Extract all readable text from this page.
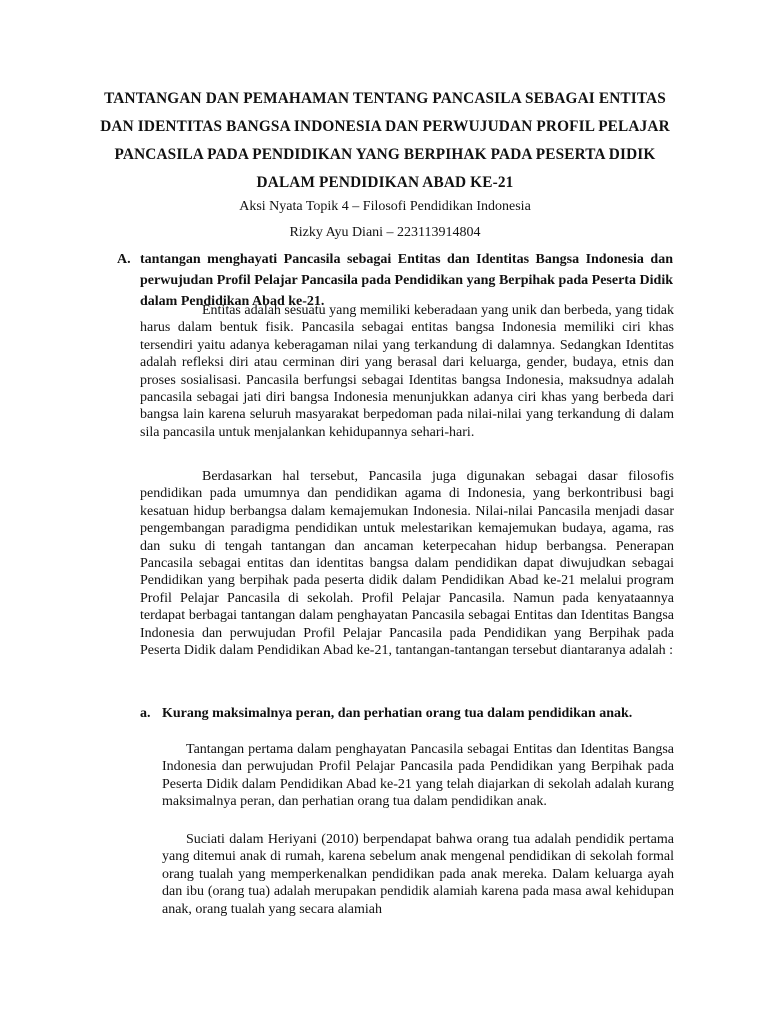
TANTANGAN DAN PEMAHAMAN TENTANG PANCASILA SEBAGAI ENTITAS
DAN IDENTITAS BANGSA INDONESIA DAN PERWUJUDAN PROFIL PELAJAR
PANCASILA PADA PENDIDIKAN YANG BERPIHAK PADA PESERTA DIDIK
DALAM PENDIDIKAN ABAD KE-21

Aksi Nyata Topik 4 – Filosofi Pendidikan Indonesia

Rizky Ayu Diani – 223113914804

A. tantangan menghayati Pancasila sebagai Entitas dan Identitas Bangsa Indonesia dan perwujudan Profil Pelajar Pancasila pada Pendidikan yang Berpihak pada Peserta Didik dalam Pendidikan Abad ke-21.

Entitas adalah sesuatu yang memiliki keberadaan yang unik dan berbeda, yang tidak harus dalam bentuk fisik. Pancasila sebagai entitas bangsa Indonesia memiliki ciri khas tersendiri yaitu adanya keberagaman nilai yang terkandung di dalamnya. Sedangkan Identitas adalah refleksi diri atau cerminan diri yang berasal dari keluarga, gender, budaya, etnis dan proses sosialisasi. Pancasila berfungsi sebagai Identitas bangsa Indonesia, maksudnya adalah pancasila sebagai jati diri bangsa Indonesia menunjukkan adanya ciri khas yang berbeda dari bangsa lain karena seluruh masyarakat berpedoman pada nilai-nilai yang terkandung di dalam sila pancasila untuk menjalankan kehidupannya sehari-hari.

Berdasarkan hal tersebut, Pancasila juga digunakan sebagai dasar filosofis pendidikan pada umumnya dan pendidikan agama di Indonesia, yang berkontribusi bagi kesatuan hidup berbangsa dalam kemajemukan Indonesia. Nilai-nilai Pancasila menjadi dasar pengembangan paradigma pendidikan untuk melestarikan kemajemukan budaya, agama, ras dan suku di tengah tantangan dan ancaman keterpecahan hidup berbangsa. Penerapan Pancasila sebagai entitas dan identitas bangsa dalam pendidikan dapat diwujudkan sebagai Pendidikan yang berpihak pada peserta didik dalam Pendidikan Abad ke-21 melalui program Profil Pelajar Pancasila di sekolah. Profil Pelajar Pancasila. Namun pada kenyataannya terdapat berbagai tantangan dalam penghayatan Pancasila sebagai Entitas dan Identitas Bangsa Indonesia dan perwujudan Profil Pelajar Pancasila pada Pendidikan yang Berpihak pada Peserta Didik dalam Pendidikan Abad ke-21, tantangan-tantangan tersebut diantaranya adalah :

a. Kurang maksimalnya peran, dan perhatian orang tua dalam pendidikan anak.

Tantangan pertama dalam penghayatan Pancasila sebagai Entitas dan Identitas Bangsa Indonesia dan perwujudan Profil Pelajar Pancasila pada Pendidikan yang Berpihak pada Peserta Didik dalam Pendidikan Abad ke-21 yang telah diajarkan di sekolah adalah kurang maksimalnya peran, dan perhatian orang tua dalam pendidikan anak.

Suciati dalam Heriyani (2010) berpendapat bahwa orang tua adalah pendidik pertama yang ditemui anak di rumah, karena sebelum anak mengenal pendidikan di sekolah formal orang tualah yang memperkenalkan pendidikan pada anak mereka. Dalam keluarga ayah dan ibu (orang tua) adalah merupakan pendidik alamiah karena pada masa awal kehidupan anak, orang tualah yang secara alamiah
